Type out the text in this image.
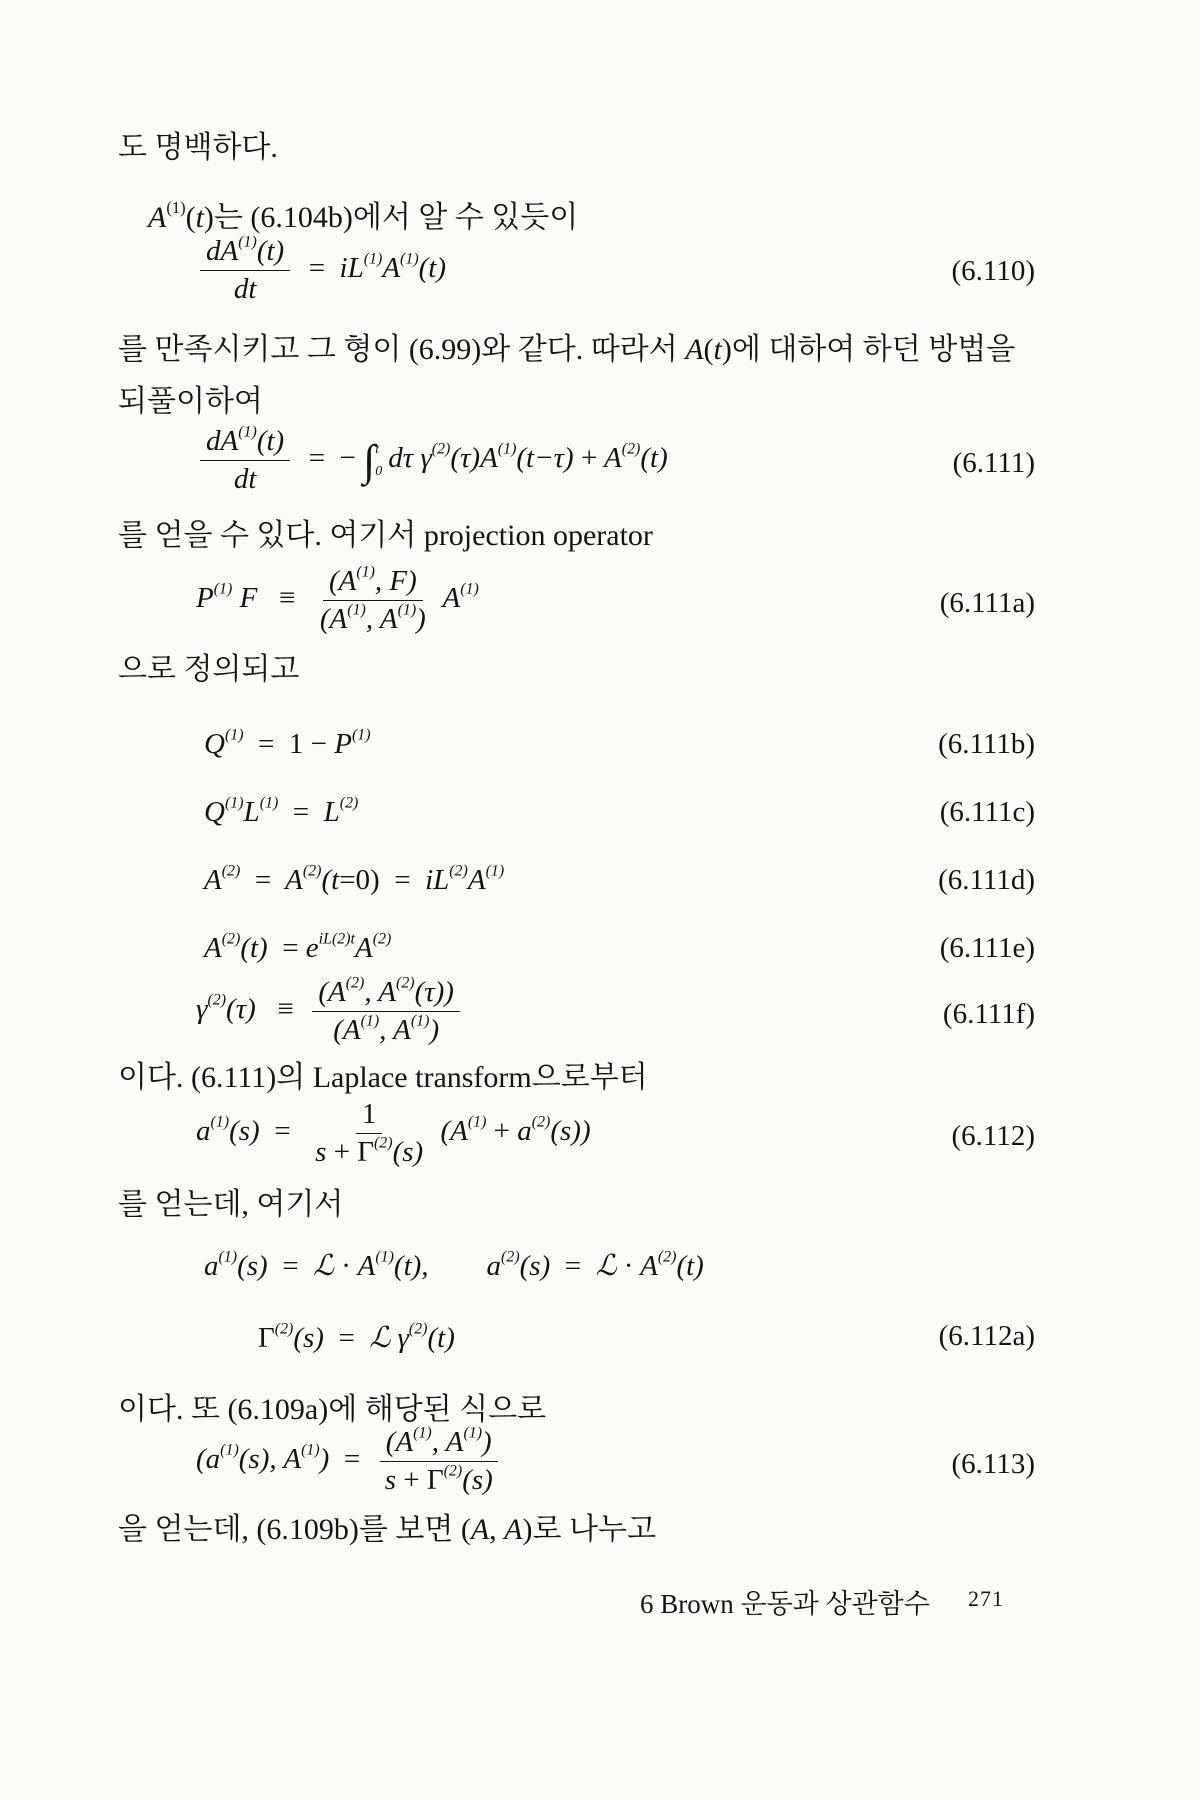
도 명백하다.
$A^{(1)}(t)$는 (6.104b)에서 알 수 있듯이
$\frac{dA^{(1)}(t)}{dt} = iL^{(1)}A^{(1)}(t)$	(6.110)
를 만족시키고 그 형이 (6.99)와 같다. 따라서 A(t)에 대하여 하던 방법을
되풀이하여
$\frac{dA^{(1)}(t)}{dt}$ =  − ∫ t
0 dτ $\gamma^{(2)}(\tau)A^{(1)}(t-\tau) + A^{(2)}(t)$	(6.111)
를 얻을 수 있다. 여기서 projection operator
$P^{(1)}$ $F \equiv \frac{(A^{(1)}, F)}{(A^{(1)}, A^{(1)})} A^{(1)}$	(6.111a)
으로 정의되고
$Q^{(1)} = 1 - P^{(1)}$	(6.111b)
$Q^{(1)}L^{(1)} = L^{(2)}$	(6.111c)
$A^{(2)} = A^{(2)}(t=0) = iL^{(2)}A^{(1)}$	(6.111d)
$A^{(2)}(t) = e^{iL(2)t}A^{(2)}$	(6.111e)
$\gamma^{(2)}(\tau) \equiv \frac{(A^{(2)}, A^{(2)}(\tau))}{(A^{(1)}, A^{(1)})}$	(6.111f)
이다. (6.111)의 Laplace transform으로부터
$a^{(1)}(s) = \frac{1}{s + \Gamma^{(2)}(s)} (A^{(1)} + a^{(2)}(s))$	(6.112)
를 얻는데, 여기서
$a^{(1)}(s)$  =  ℒ · $A^{(1)}(t)$,        $a^{(2)}(s)$  =  ℒ · $A^{(2)}(t)$
$\Gamma^{(2)}(s)$  =  ℒ $\gamma^{(2)}(t)$	(6.112a)
이다. 또 (6.109a)에 해당된 식으로
($a^{(1)}(s)$, $A^{(1)}) = \frac{(A^{(1)}, A^{(1)})}{s + \Gamma^{(2)}(s)}$	(6.113)
을 얻는데, (6.109b)를 보면 (A, A)로 나누고
6 Brown 운동과 상관함수 271
